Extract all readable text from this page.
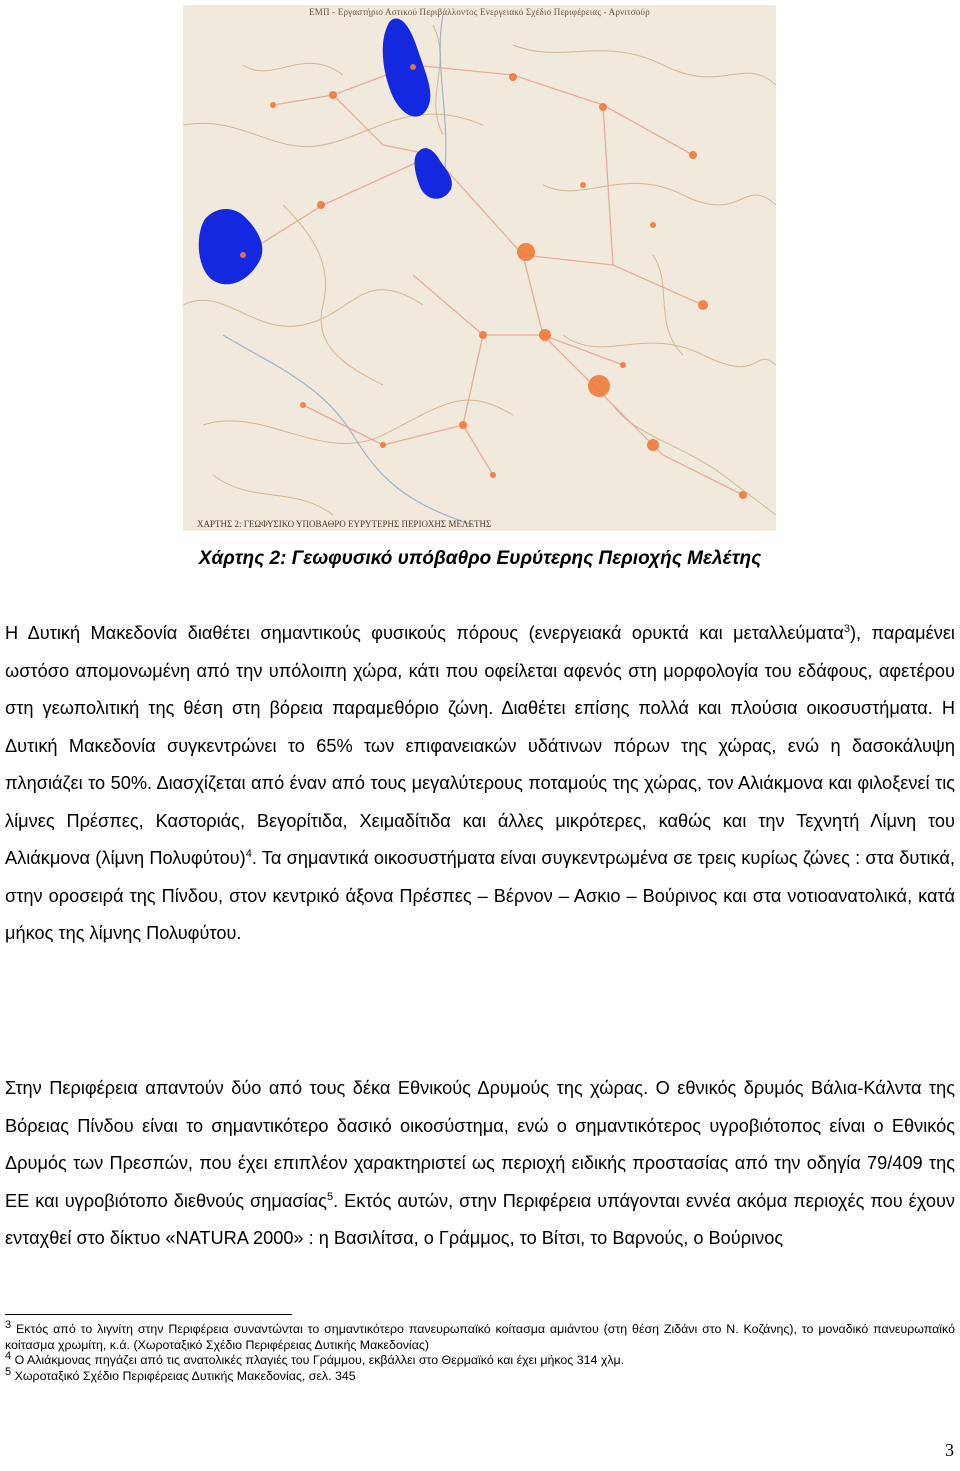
ΕΜΠ - Εργαστήριο Αστικού Περιβάλλοντος Ενεργειακό Σχέδιο Περιφέρειας - Αρνιτσούρ
ΧΑΡΤΗΣ 2: ΓΕΩΦΥΣΙΚΟ ΥΠΟΒΑΘΡΟ ΕΥΡΥΤΕΡΗΣ ΠΕΡΙΟΧΗΣ ΜΕΛΕΤΗΣ
Χάρτης 2: Γεωφυσικό υπόβαθρο Ευρύτερης Περιοχής Μελέτης

Η Δυτική Μακεδονία διαθέτει σημαντικούς φυσικούς πόρους (ενεργειακά ορυκτά και μεταλλεύματα$^3$), παραμένει ωστόσο απομονωμένη από την υπόλοιπη χώρα, κάτι που οφείλεται αφενός στη μορφολογία του εδάφους, αφετέρου στη γεωπολιτική της θέση στη βόρεια παραμεθόριο ζώνη. Διαθέτει επίσης πολλά και πλούσια οικοσυστήματα. Η Δυτική Μακεδονία συγκεντρώνει το 65% των επιφανειακών υδάτινων πόρων της χώρας, ενώ η δασοκάλυψη πλησιάζει το 50%. Διασχίζεται από έναν από τους μεγαλύτερους ποταμούς της χώρας, τον Αλιάκμονα και φιλοξενεί τις λίμνες Πρέσπες, Καστοριάς, Βεγορίτιδα, Χειμαδίτιδα και άλλες μικρότερες, καθώς και την Τεχνητή Λίμνη του Αλιάκμονα (λίμνη Πολυφύτου)$^4$. Τα σημαντικά οικοσυστήματα είναι συγκεντρωμένα σε τρεις κυρίως ζώνες : στα δυτικά, στην οροσειρά της Πίνδου, στον κεντρικό άξονα Πρέσπες – Βέρνον – Ασκιο – Βούρινος και στα νοτιοανατολικά, κατά μήκος της λίμνης Πολυφύτου.

Στην Περιφέρεια απαντούν δύο από τους δέκα Εθνικούς Δρυμούς της χώρας. Ο εθνικός δρυμός Βάλια-Κάλντα της Βόρειας Πίνδου είναι το σημαντικότερο δασικό οικοσύστημα, ενώ ο σημαντικότερος υγροβιότοπος είναι ο Εθνικός Δρυμός των Πρεσπών, που έχει επιπλέον χαρακτηριστεί ως περιοχή ειδικής προστασίας από την οδηγία 79/409 της ΕΕ και υγροβιότοπο διεθνούς σημασίας$^5$. Εκτός αυτών, στην Περιφέρεια υπάγονται εννέα ακόμα περιοχές που έχουν ενταχθεί στο δίκτυο «NATURA 2000» : η Βασιλίτσα, ο Γράμμος, το Βίτσι, το Βαρνούς, ο Βούρινος

$^3$ Εκτός από το λιγνίτη στην Περιφέρεια συναντώνται το σημαντικότερο πανευρωπαϊκό κοίτασμα αμιάντου (στη θέση Ζιδάνι στο Ν. Κοζάνης), το μοναδικό πανευρωπαϊκό κοίτασμα χρωμίτη, κ.ά. (Χωροταξικό Σχέδιο Περιφέρειας Δυτικής Μακεδονίας)

$^4$ Ο Αλιάκμονας πηγάζει από τις ανατολικές πλαγιές του Γράμμου, εκβάλλει στο Θερμαϊκό και έχει μήκος 314 χλμ.

$^5$ Χωροταξικό Σχέδιο Περιφέρειας Δυτικής Μακεδονίας, σελ. 345

3
